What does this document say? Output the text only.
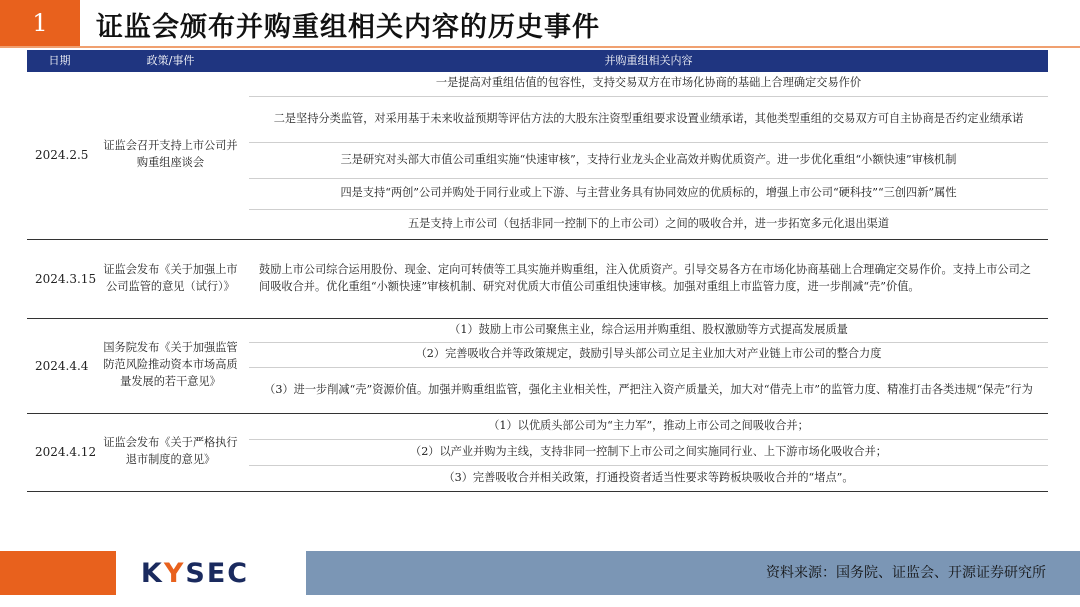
1	证监会颁布并购重组相关内容的历史事件
日期	政策/事件	并购重组相关内容
2024.2.5	证监会召开支持上市公司并购重组座谈会	一是提高对重组估值的包容性，支持交易双方在市场化协商的基础上合理确定交易作价
		二是坚持分类监管，对采用基于未来收益预期等评估方法的大股东注资型重组要求设置业绩承诺，其他类型重组的交易双方可自主协商是否约定业绩承诺
		三是研究对头部大市值公司重组实施“快速审核”，支持行业龙头企业高效并购优质资产。进一步优化重组“小额快速”审核机制
		四是支持“两创”公司并购处于同行业或上下游、与主营业务具有协同效应的优质标的，增强上市公司“硬科技”“三创四新”属性
		五是支持上市公司（包括非同一控制下的上市公司）之间的吸收合并，进一步拓宽多元化退出渠道
2024.3.15	证监会发布《关于加强上市公司监管的意见（试行）》	鼓励上市公司综合运用股份、现金、定向可转债等工具实施并购重组，注入优质资产。引导交易各方在市场化协商基础上合理确定交易作价。支持上市公司之间吸收合并。优化重组“小额快速”审核机制、研究对优质大市值公司重组快速审核。加强对重组上市监管力度，进一步削减“壳”价值。
2024.4.4	国务院发布《关于加强监管防范风险推动资本市场高质量发展的若干意见》	（1）鼓励上市公司聚焦主业，综合运用并购重组、股权激励等方式提高发展质量
		（2）完善吸收合并等政策规定，鼓励引导头部公司立足主业加大对产业链上市公司的整合力度
		（3）进一步削减“壳”资源价值。加强并购重组监管，强化主业相关性，严把注入资产质量关，加大对“借壳上市”的监管力度、精准打击各类违规“保壳”行为
2024.4.12	证监会发布《关于严格执行退市制度的意见》	（1）以优质头部公司为“主力军”，推动上市公司之间吸收合并；
		（2）以产业并购为主线，支持非同一控制下上市公司之间实施同行业、上下游市场化吸收合并；
		（3）完善吸收合并相关政策，打通投资者适当性要求等跨板块吸收合并的“堵点”。
K Y SEC	资料来源：国务院、证监会、开源证券研究所
